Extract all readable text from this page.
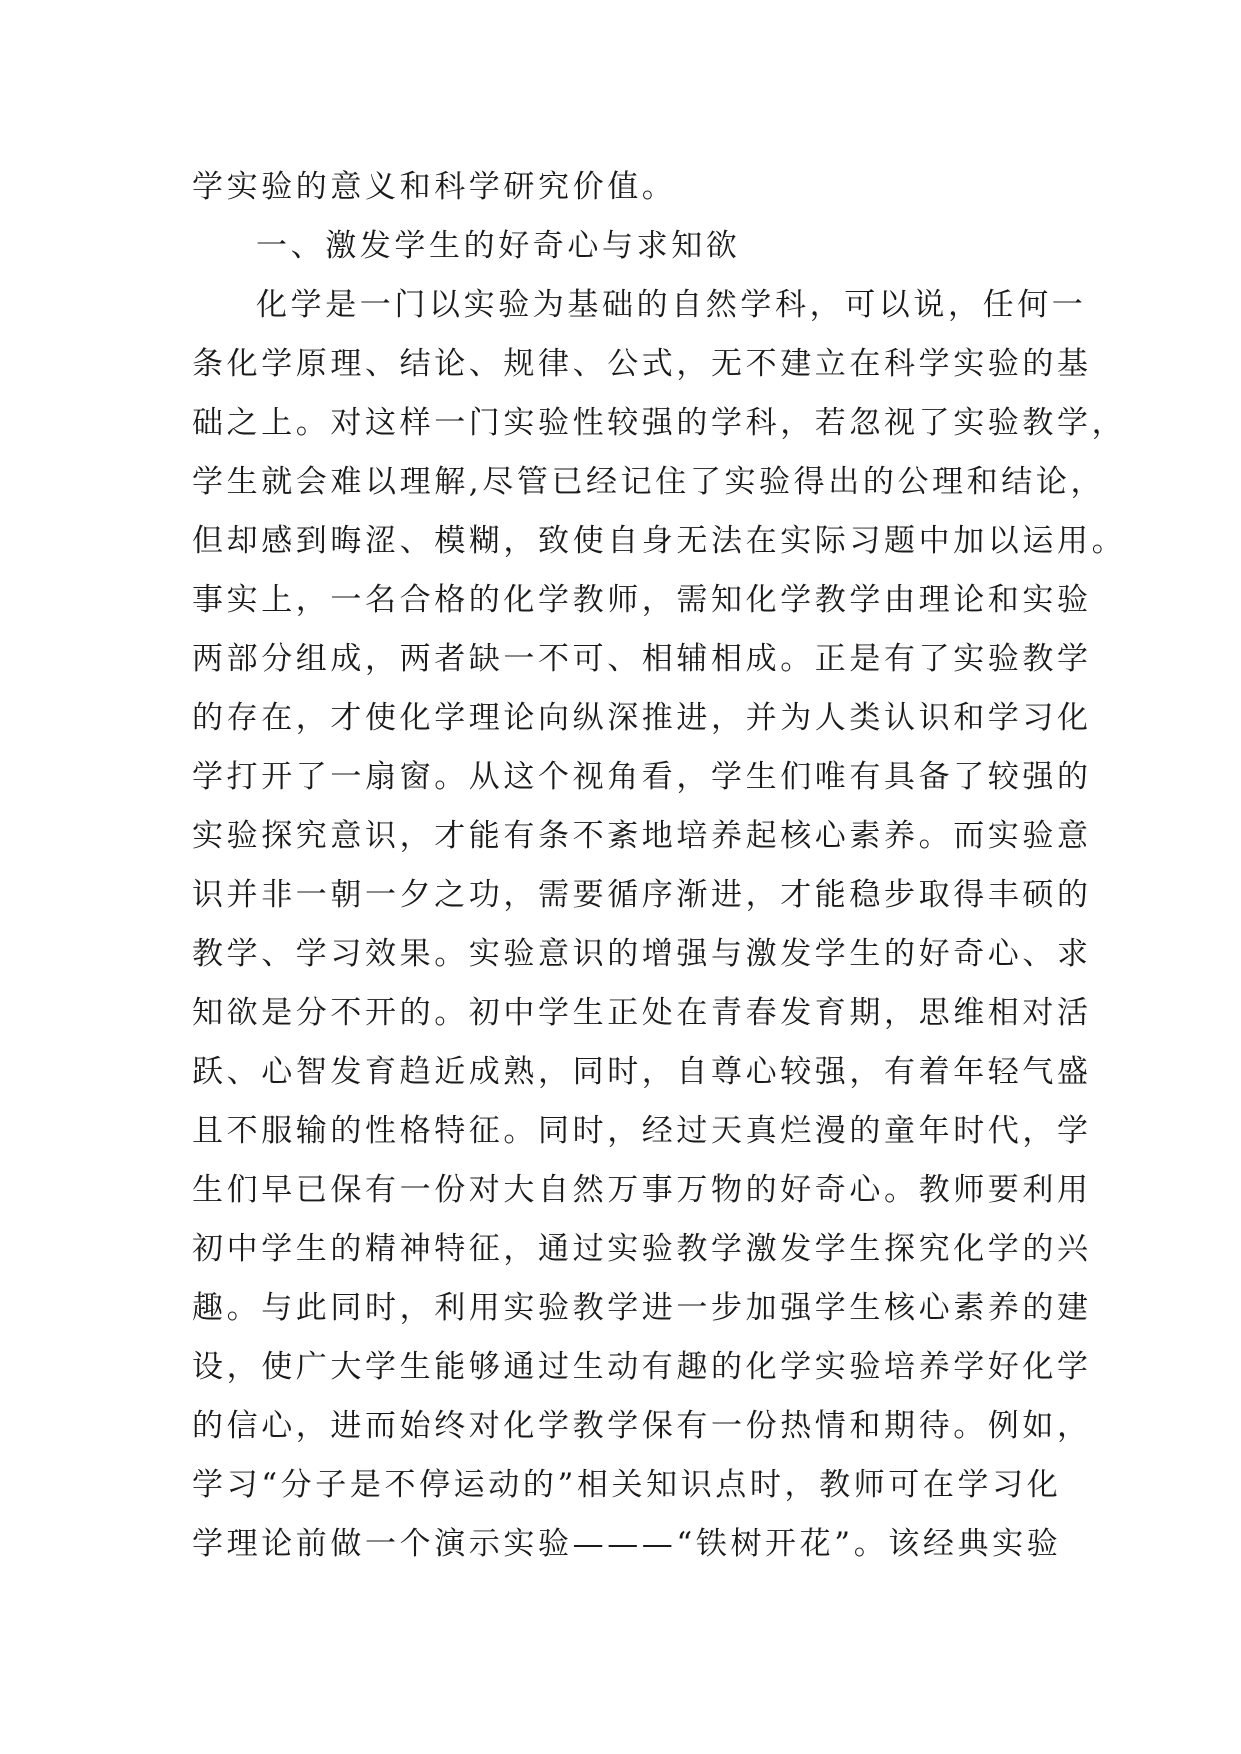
学实验的意义和科学研究价值。
一、激发学生的好奇心与求知欲
化学是一门以实验为基础的自然学科，可以说，任何一
条化学原理、结论、规律、公式，无不建立在科学实验的基
础之上。对这样一门实验性较强的学科，若忽视了实验教学，
学生就会难以理解,尽管已经记住了实验得出的公理和结论，
但却感到晦涩、模糊，致使自身无法在实际习题中加以运用。
事实上，一名合格的化学教师，需知化学教学由理论和实验
两部分组成，两者缺一不可、相辅相成。正是有了实验教学
的存在，才使化学理论向纵深推进，并为人类认识和学习化
学打开了一扇窗。从这个视角看，学生们唯有具备了较强的
实验探究意识，才能有条不紊地培养起核心素养。而实验意
识并非一朝一夕之功，需要循序渐进，才能稳步取得丰硕的
教学、学习效果。实验意识的增强与激发学生的好奇心、求
知欲是分不开的。初中学生正处在青春发育期，思维相对活
跃、心智发育趋近成熟，同时，自尊心较强，有着年轻气盛
且不服输的性格特征。同时，经过天真烂漫的童年时代，学
生们早已保有一份对大自然万事万物的好奇心。教师要利用
初中学生的精神特征，通过实验教学激发学生探究化学的兴
趣。与此同时，利用实验教学进一步加强学生核心素养的建
设，使广大学生能够通过生动有趣的化学实验培养学好化学
的信心，进而始终对化学教学保有一份热情和期待。例如，
学习“分子是不停运动的”相关知识点时，教师可在学习化
学理论前做一个演示实验———“铁树开花”。该经典实验
